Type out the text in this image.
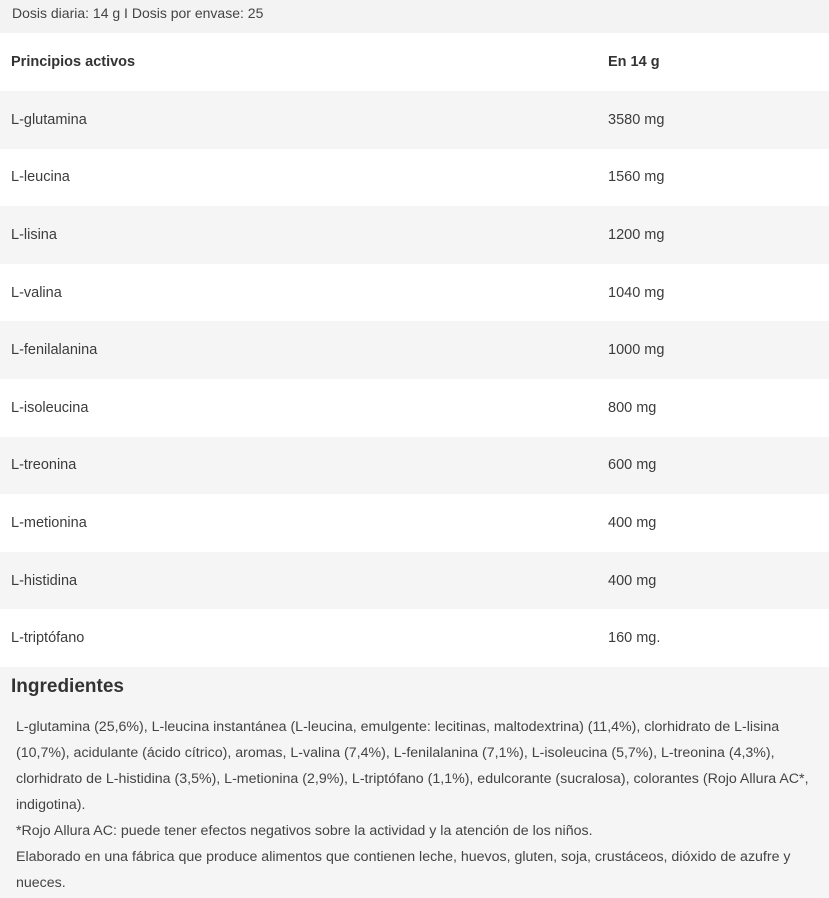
Dosis diaria: 14 g I Dosis por envase: 25
Principios activos	En 14 g
L-glutamina	3580 mg
L-leucina	1560 mg
L-lisina	1200 mg
L-valina	1040 mg
L-fenilalanina	1000 mg
L-isoleucina	800 mg
L-treonina	600 mg
L-metionina	400 mg
L-histidina	400 mg
L-triptófano	160 mg.
Ingredientes

L-glutamina (25,6%), L-leucina instantánea (L-leucina, emulgente: lecitinas, maltodextrina) (11,4%), clorhidrato de L-lisina (10,7%), acidulante (ácido cítrico), aromas, L-valina (7,4%), L-fenilalanina (7,1%), L-isoleucina (5,7%), L-treonina (4,3%), clorhidrato de L-histidina (3,5%), L-metionina (2,9%), L-triptófano (1,1%), edulcorante (sucralosa), colorantes (Rojo Allura AC*, indigotina).

*Rojo Allura AC: puede tener efectos negativos sobre la actividad y la atención de los niños.

Elaborado en una fábrica que produce alimentos que contienen leche, huevos, gluten, soja, crustáceos, dióxido de azufre y nueces.
